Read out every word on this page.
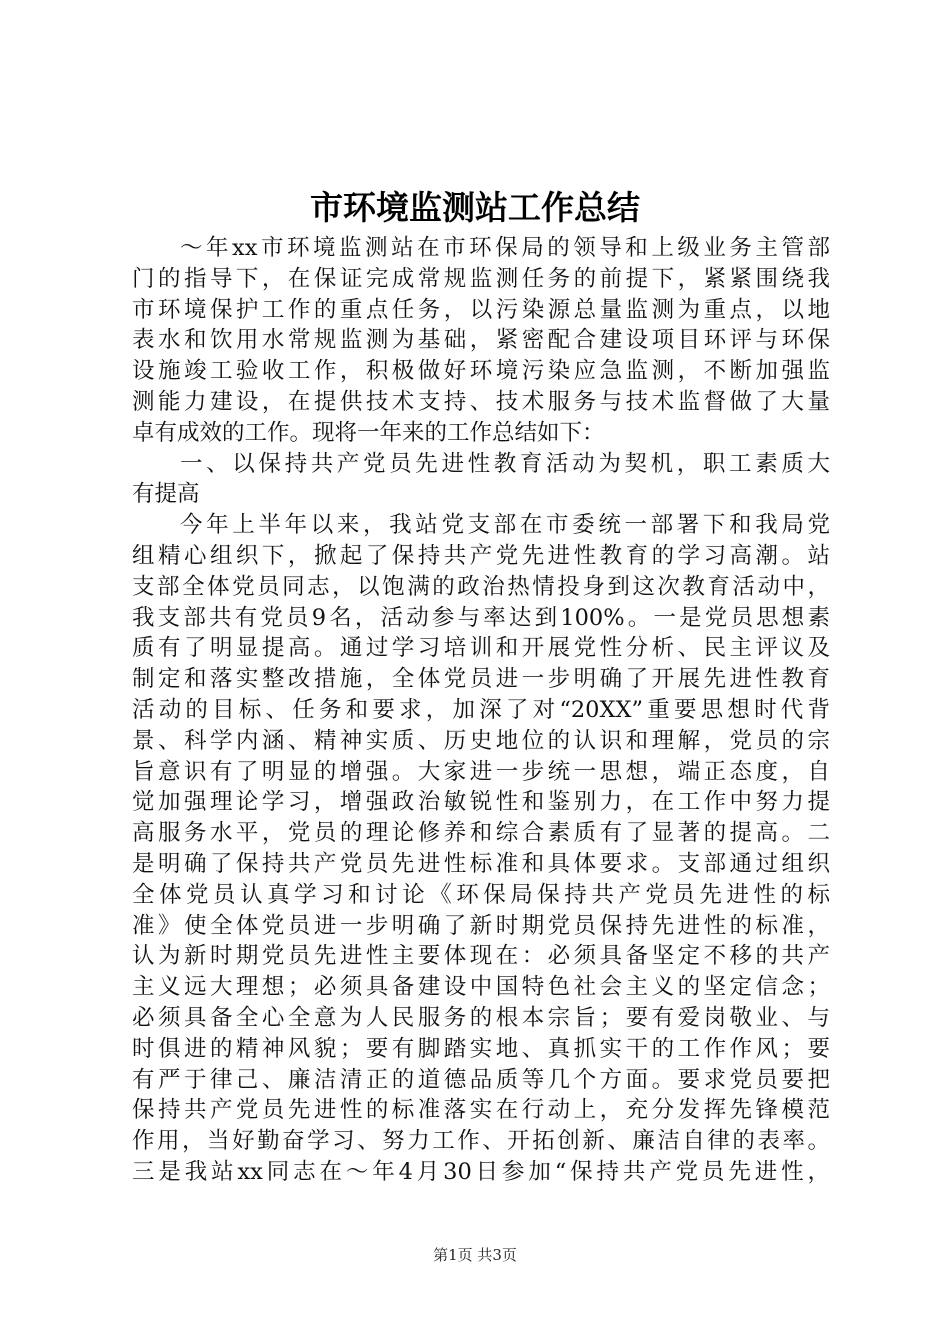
市环境监测站工作总结
～年xx市环境监测站在市环保局的领导和上级业务主管部
门的指导下，在保证完成常规监测任务的前提下，紧紧围绕我
市环境保护工作的重点任务，以污染源总量监测为重点，以地
表水和饮用水常规监测为基础，紧密配合建设项目环评与环保
设施竣工验收工作，积极做好环境污染应急监测，不断加强监
测能力建设，在提供技术支持、技术服务与技术监督做了大量
卓有成效的工作。现将一年来的工作总结如下：
一、以保持共产党员先进性教育活动为契机，职工素质大
有提高
今年上半年以来，我站党支部在市委统一部署下和我局党
组精心组织下，掀起了保持共产党先进性教育的学习高潮。站
支部全体党员同志，以饱满的政治热情投身到这次教育活动中，
我支部共有党员9名，活动参与率达到100%。一是党员思想素
质有了明显提高。通过学习培训和开展党性分析、民主评议及
制定和落实整改措施，全体党员进一步明确了开展先进性教育
活动的目标、任务和要求，加深了对“20XX”重要思想时代背
景、科学内涵、精神实质、历史地位的认识和理解，党员的宗
旨意识有了明显的增强。大家进一步统一思想，端正态度，自
觉加强理论学习，增强政治敏锐性和鉴别力，在工作中努力提
高服务水平，党员的理论修养和综合素质有了显著的提高。二
是明确了保持共产党员先进性标准和具体要求。支部通过组织
全体党员认真学习和讨论《环保局保持共产党员先进性的标
准》使全体党员进一步明确了新时期党员保持先进性的标准，
认为新时期党员先进性主要体现在：必须具备坚定不移的共产
主义远大理想；必须具备建设中国特色社会主义的坚定信念；
必须具备全心全意为人民服务的根本宗旨；要有爱岗敬业、与
时俱进的精神风貌；要有脚踏实地、真抓实干的工作作风；要
有严于律己、廉洁清正的道德品质等几个方面。要求党员要把
保持共产党员先进性的标准落实在行动上，充分发挥先锋模范
作用，当好勤奋学习、努力工作、开拓创新、廉洁自律的表率。
三是我站xx同志在～年4月30日参加“保持共产党员先进性，
第1页 共3页
